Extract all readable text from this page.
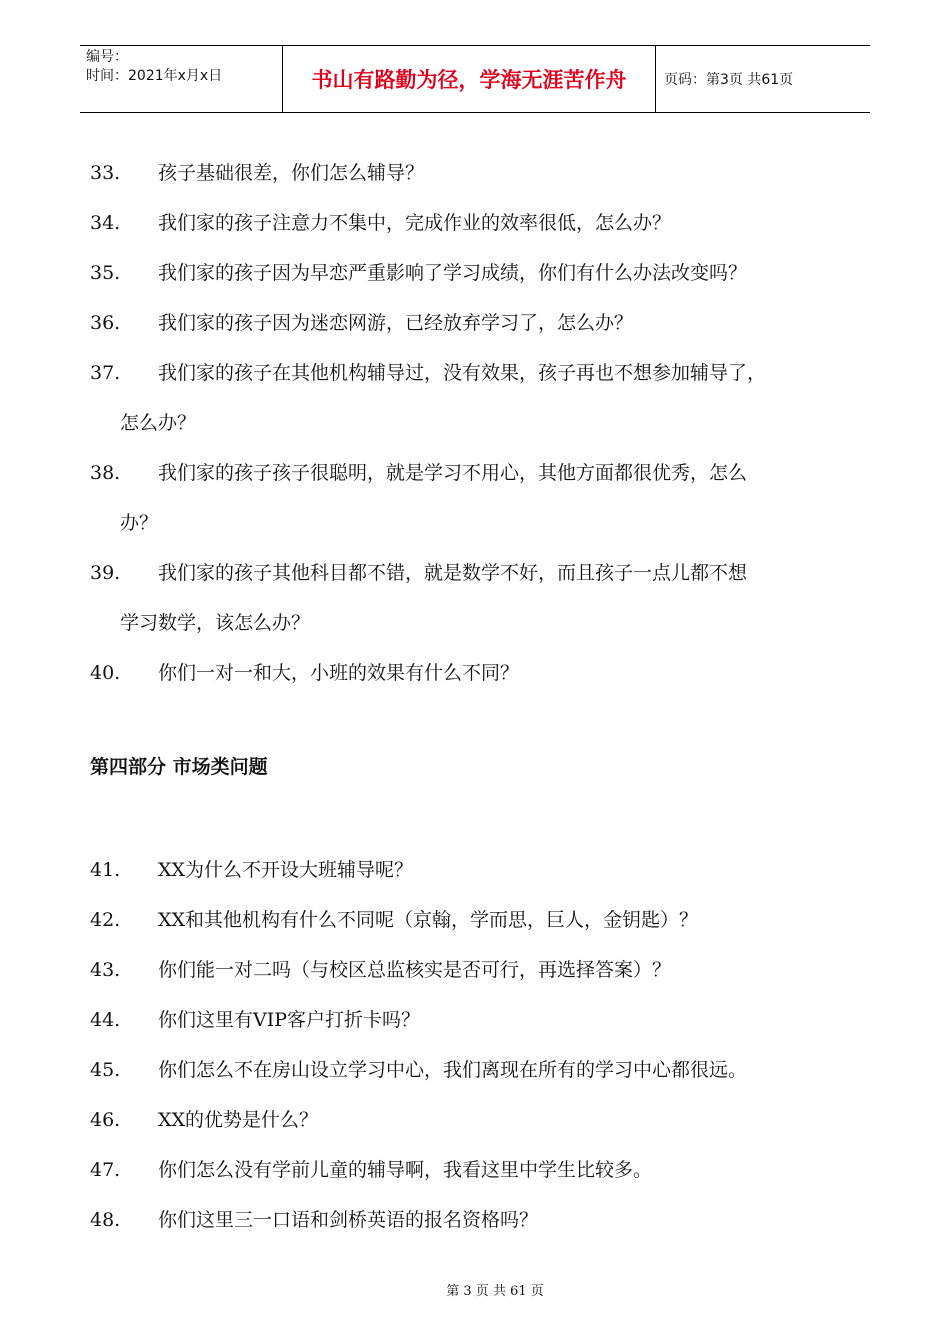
编号：
时间：2021年x月x日	书山有路勤为径，学海无涯苦作舟	页码：第3页 共61页
33.	孩子基础很差，你们怎么辅导？
34.	我们家的孩子注意力不集中，完成作业的效率很低，怎么办？
35.	我们家的孩子因为早恋严重影响了学习成绩，你们有什么办法改变吗？
36.	我们家的孩子因为迷恋网游，已经放弃学习了，怎么办？
37.	我们家的孩子在其他机构辅导过，没有效果，孩子再也不想参加辅导了，
怎么办？
38.	我们家的孩子孩子很聪明，就是学习不用心，其他方面都很优秀，怎么
办？
39.	我们家的孩子其他科目都不错，就是数学不好，而且孩子一点儿都不想
学习数学，该怎么办？
40.	你们一对一和大，小班的效果有什么不同？
第四部分 市场类问题
41.	XX为什么不开设大班辅导呢？
42.	XX和其他机构有什么不同呢（京翰，学而思，巨人，金钥匙）？
43.	你们能一对二吗（与校区总监核实是否可行，再选择答案）？
44.	你们这里有VIP客户打折卡吗？
45.	你们怎么不在房山设立学习中心，我们离现在所有的学习中心都很远。
46.	XX的优势是什么？
47.	你们怎么没有学前儿童的辅导啊，我看这里中学生比较多。
48.	你们这里三一口语和剑桥英语的报名资格吗？
第 3 页 共 61 页
